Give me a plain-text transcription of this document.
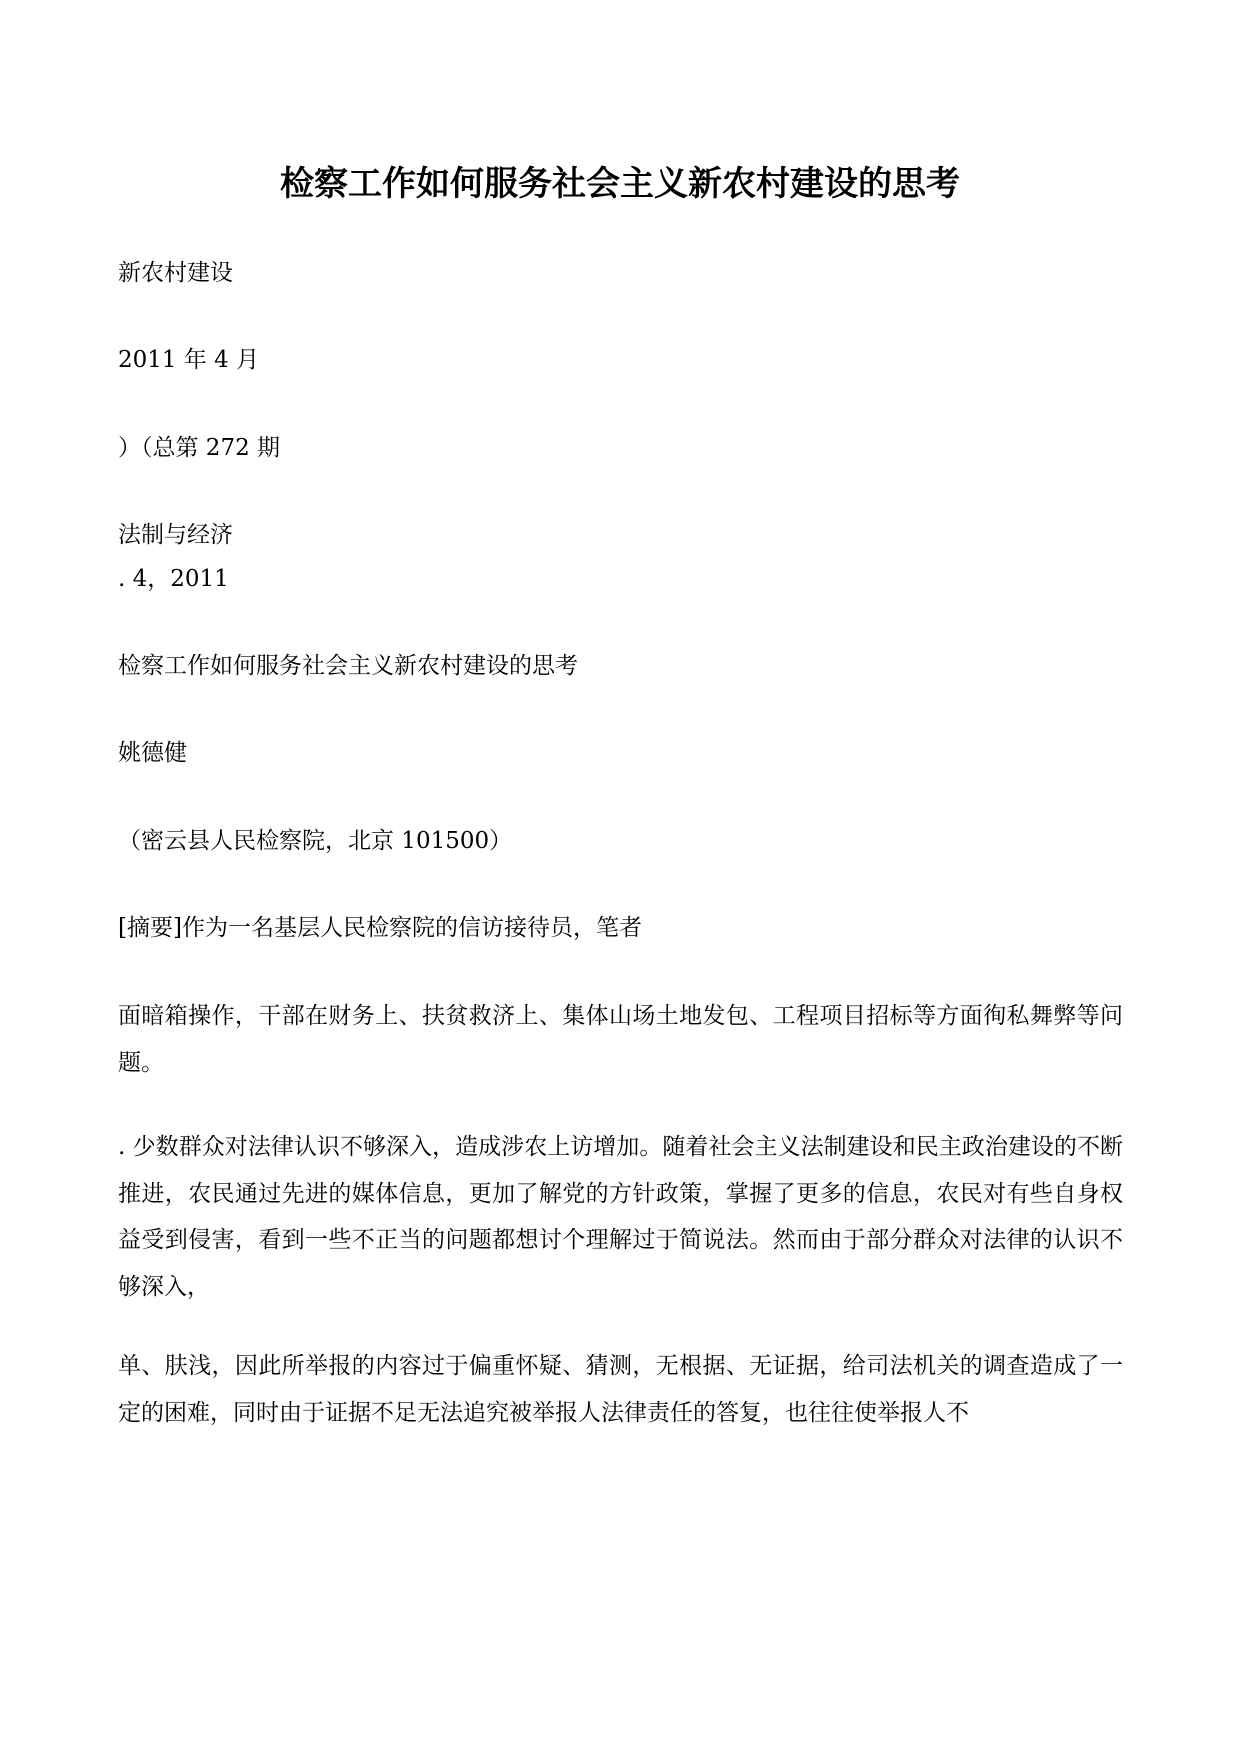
检察工作如何服务社会主义新农村建设的思考

新农村建设

2011 年 4 月

）（总第 272 期

法制与经济

. 4，2011

检察工作如何服务社会主义新农村建设的思考

姚德健

（密云县人民检察院，北京 101500）

[摘要]作为一名基层人民检察院的信访接待员，笔者

面暗箱操作，干部在财务上、扶贫救济上、集体山场土地发包、工程项目招标等方面徇私舞弊等问题。

. 少数群众对法律认识不够深入，造成涉农上访增加。随着社会主义法制建设和民主政治建设的不断推进，农民通过先进的媒体信息，更加了解党的方针政策，掌握了更多的信息，农民对有些自身权益受到侵害，看到一些不正当的问题都想讨个理解过于简说法。然而由于部分群众对法律的认识不够深入，

单、肤浅，因此所举报的内容过于偏重怀疑、猜测，无根据、无证据，给司法机关的调查造成了一定的困难，同时由于证据不足无法追究被举报人法律责任的答复，也往往使举报人不
